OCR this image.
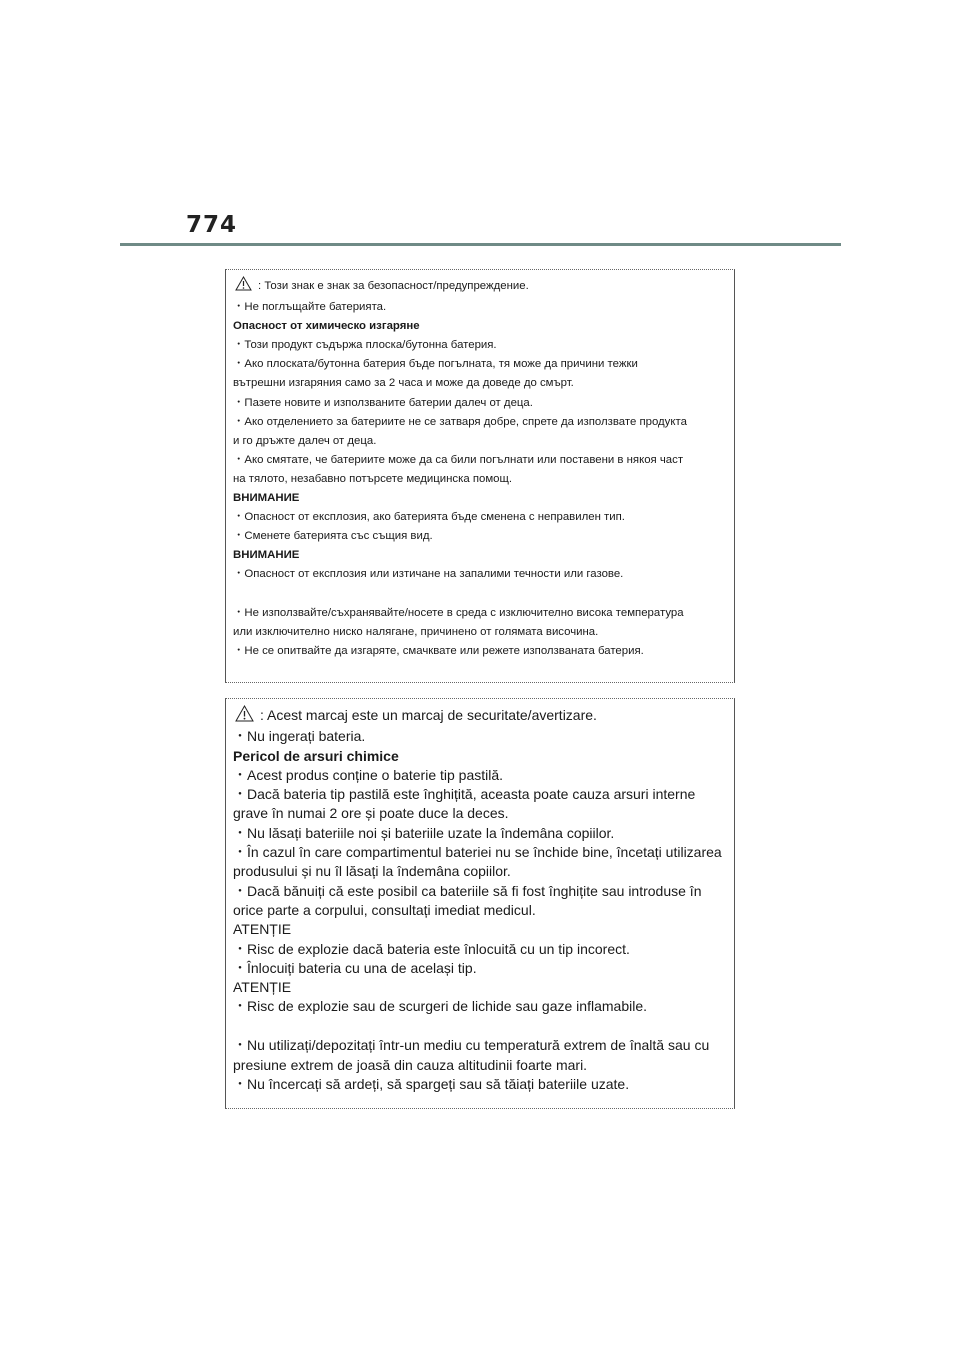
774
: Този знак е знак за безопасност/предупреждение.
・Не поглъщайте батерията.
Опасност от химическо изгаряне
・Този продукт съдържа плоска/бутонна батерия.
・Ако плоската/бутонна батерия бъде погълната, тя може да причини тежки
вътрешни изгаряния само за 2 часа и може да доведе до смърт.
・Пазете новите и използваните батерии далеч от деца.
・Ако отделението за батериите не се затваря добре, спрете да използвате продукта
и го дръжте далеч от деца.
・Ако смятате, че батериите може да са били погълнати или поставени в някоя част
на тялото, незабавно потърсете медицинска помощ.
ВНИМАНИЕ
・Опасност от експлозия, ако батерията бъде сменена с неправилен тип.
・Сменете батерията със същия вид.
ВНИМАНИЕ
・Опасност от експлозия или изтичане на запалими течности или газове.
・Не използвайте/съхранявайте/носете в среда с изключително висока температура
или изключително ниско налягане, причинено от голямата височина.
・Не се опитвайте да изгаряте, смачквате или режете използваната батерия.
: Acest marcaj este un marcaj de securitate/avertizare.
・Nu ingerați bateria.
Pericol de arsuri chimice
・Acest produs conține o baterie tip pastilă.
・Dacă bateria tip pastilă este înghițită, aceasta poate cauza arsuri interne
grave în numai 2 ore și poate duce la deces.
・Nu lăsați bateriile noi și bateriile uzate la îndemâna copiilor.
・În cazul în care compartimentul bateriei nu se închide bine, încetați utilizarea
produsului și nu îl lăsați la îndemâna copiilor.
・Dacă bănuiți că este posibil ca bateriile să fi fost înghițite sau introduse în
orice parte a corpului, consultați imediat medicul.
ATENȚIE
・Risc de explozie dacă bateria este înlocuită cu un tip incorect.
・Înlocuiți bateria cu una de același tip.
ATENȚIE
・Risc de explozie sau de scurgeri de lichide sau gaze inflamabile.
・Nu utilizați/depozitați într-un mediu cu temperatură extrem de înaltă sau cu
presiune extrem de joasă din cauza altitudinii foarte mari.
・Nu încercați să ardeți, să spargeți sau să tăiați bateriile uzate.
